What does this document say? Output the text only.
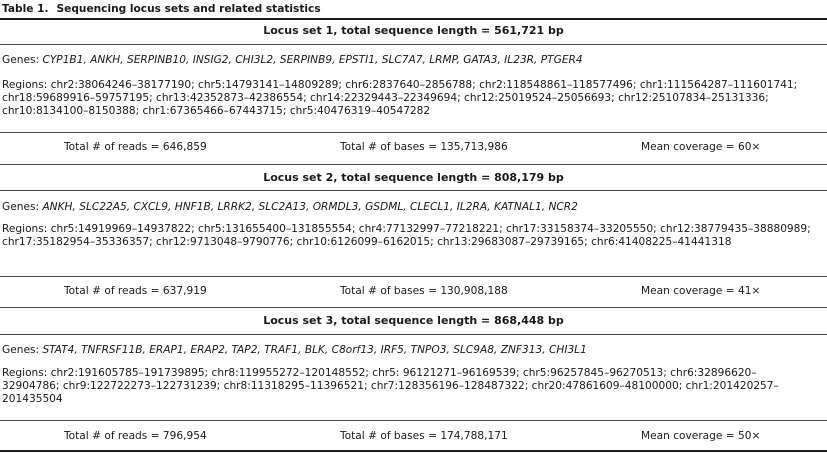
Table 1. Sequencing locus sets and related statistics
Locus set 1, total sequence length = 561,721 bp
Genes: CYP1B1, ANKH, SERPINB10, INSIG2, CHI3L2, SERPINB9, EPSTI1, SLC7A7, LRMP, GATA3, IL23R, PTGER4
Regions: chr2:38064246–38177190; chr5:14793141–14809289; chr6:2837640–2856788; chr2:118548861–118577496; chr1:111564287–111601741; chr18:59689916–59757195; chr13:42352873–42386554; chr14:22329443–22349694; chr12:25019524–25056693; chr12:25107834–25131336; chr10:8134100–8150388; chr1:67365466–67443715; chr5:40476319–40547282
Total # of reads = 646,859	Total # of bases = 135,713,986	Mean coverage = 60×
Locus set 2, total sequence length = 808,179 bp
Genes: ANKH, SLC22A5, CXCL9, HNF1B, LRRK2, SLC2A13, ORMDL3, GSDML, CLECL1, IL2RA, KATNAL1, NCR2
Regions: chr5:14919969–14937822; chr5:131655400–131855554; chr4:77132997–77218221; chr17:33158374–33205550; chr12:38779435–38880989; chr17:35182954–35336357; chr12:9713048–9790776; chr10:6126099–6162015; chr13:29683087–29739165; chr6:41408225–41441318
Total # of reads = 637,919	Total # of bases = 130,908,188	Mean coverage = 41×
Locus set 3, total sequence length = 868,448 bp
Genes: STAT4, TNFRSF11B, ERAP1, ERAP2, TAP2, TRAF1, BLK, C8orf13, IRF5, TNPO3, SLC9A8, ZNF313, CHI3L1
Regions: chr2:191605785–191739895; chr8:119955272–120148552; chr5: 96121271–96169539; chr5:96257845–96270513; chr6:32896620–32904786; chr9:122722273–122731239; chr8:11318295–11396521; chr7:128356196–128487322; chr20:47861609–48100000; chr1:201420257–201435504
Total # of reads = 796,954	Total # of bases = 174,788,171	Mean coverage = 50×
